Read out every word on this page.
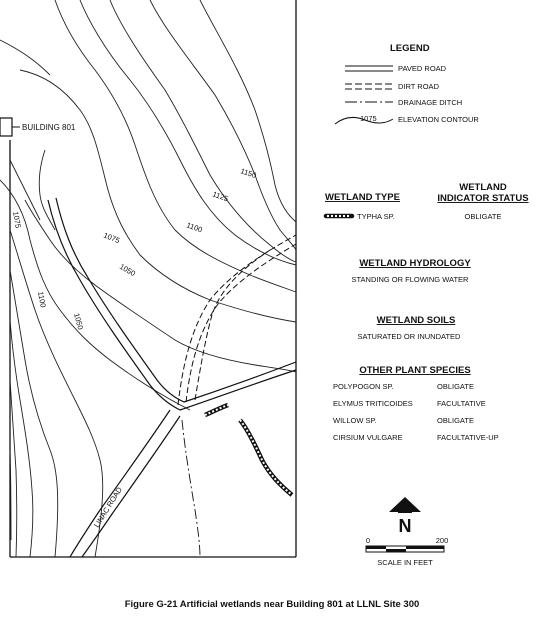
BUILDING 801
1150
1125
1100
1075
1050
1075
1100
1050
LINAC ROAD
LEGEND
PAVED ROAD
DIRT ROAD
DRAINAGE DITCH
1075	ELEVATION CONTOUR
WETLAND TYPE
WETLAND
INDICATOR STATUS
TYPHA SP.	OBLIGATE
WETLAND HYDROLOGY
STANDING OR FLOWING WATER
WETLAND SOILS
SATURATED OR INUNDATED
OTHER PLANT SPECIES
POLYPOGON SP.	OBLIGATE
ELYMUS TRITICOIDES	FACULTATIVE
WILLOW SP.	OBLIGATE
CIRSIUM VULGARE	FACULTATIVE-UP
N
0	200
SCALE IN FEET
Figure G-21 Artificial wetlands near Building 801 at LLNL Site 300
